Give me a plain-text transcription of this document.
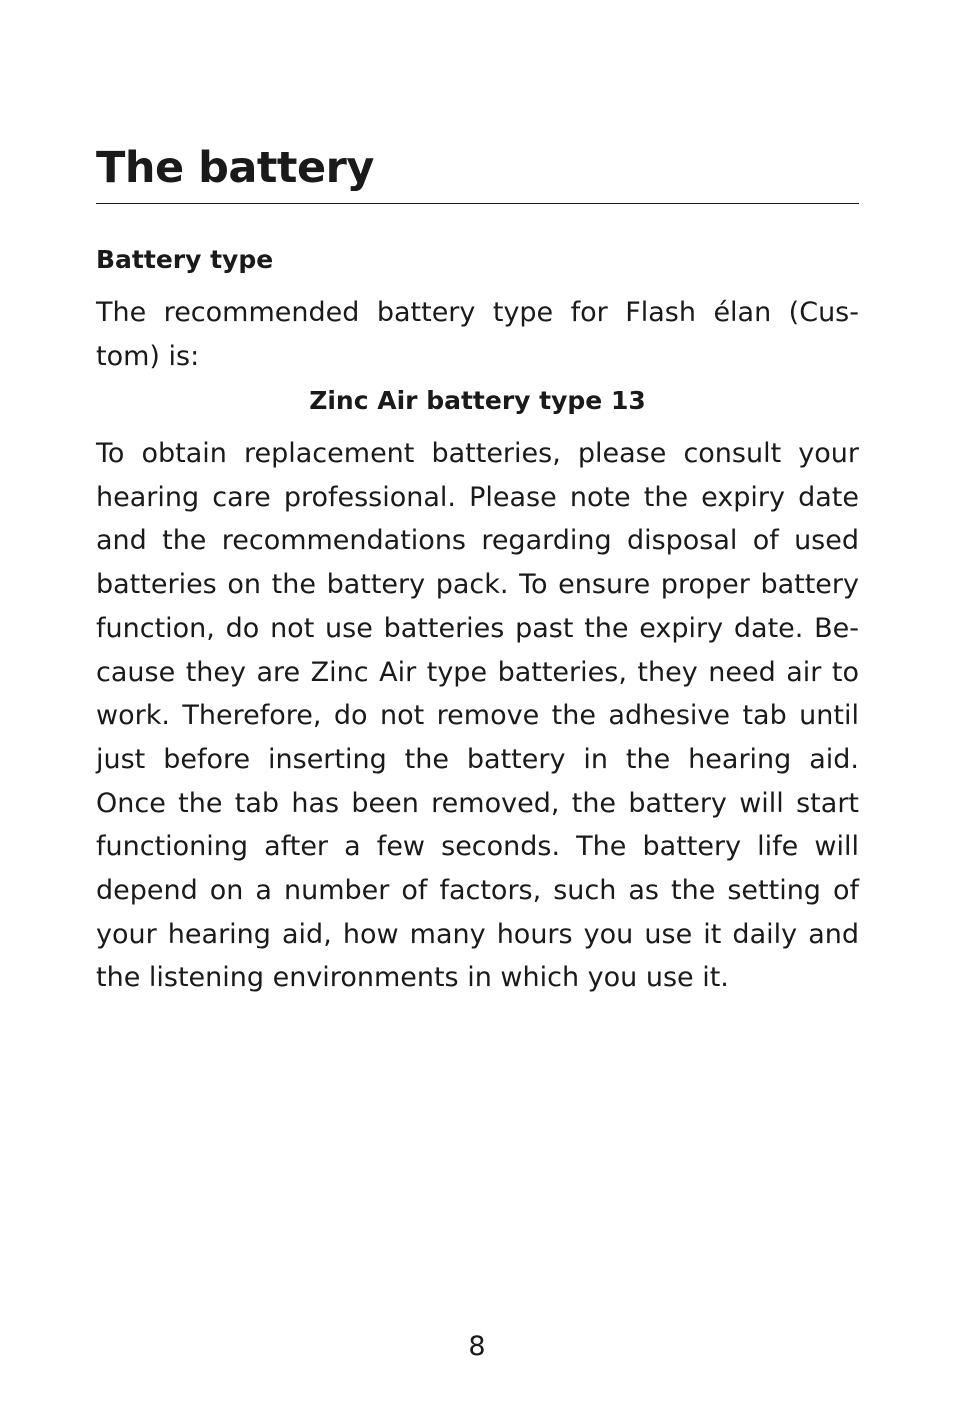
The battery
Battery type

The recommended battery type for Flash élan (Cus-tom) is:

Zinc Air battery type 13

To obtain replacement batteries, please consult your hearing care professional. Please note the expiry date and the recommendations regarding disposal of used batteries on the battery pack. To ensure proper battery function, do not use batteries past the expiry date. Be-cause they are Zinc Air type batteries, they need air to work. Therefore, do not remove the adhesive tab until just before inserting the battery in the hearing aid. Once the tab has been removed, the battery will start functioning after a few seconds. The battery life will depend on a number of factors, such as the setting of your hearing aid, how many hours you use it daily and the listening environments in which you use it.

8
